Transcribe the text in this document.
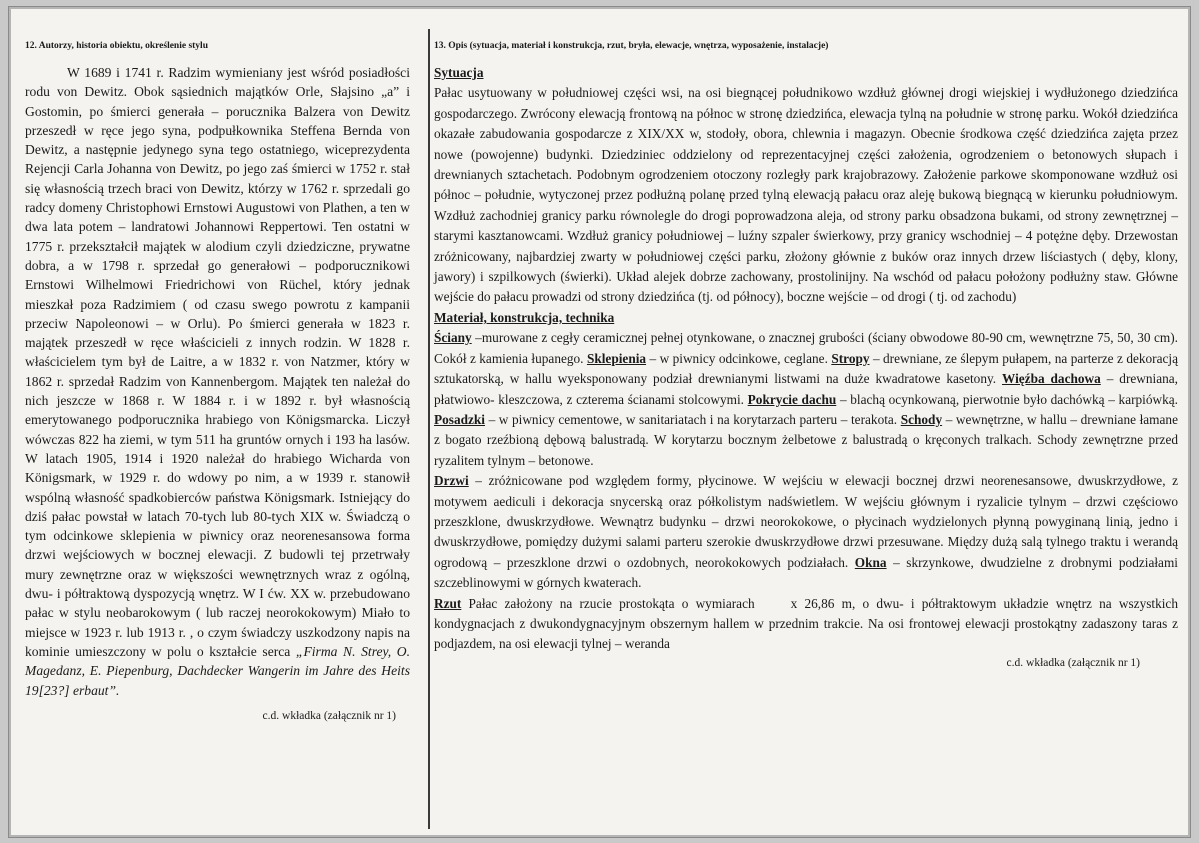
12. Autorzy, historia obiektu, określenie stylu

W 1689 i 1741 r. Radzim wymieniany jest wśród posiadłości rodu von Dewitz. Obok sąsiednich majątków Orle, Słajsino „a” i Gostomin, po śmierci generała – porucznika Balzera von Dewitz przeszedł w ręce jego syna, podpułkownika Steffena Bernda von Dewitz, a następnie jedynego syna tego ostatniego, wiceprezydenta Rejencji Carla Johanna von Dewitz, po jego zaś śmierci w 1752 r. stał się własnością trzech braci von Dewitz, którzy w 1762 r. sprzedali go radcy domeny Christophowi Ernstowi Augustowi von Plathen, a ten w dwa lata potem – landratowi Johannowi Reppertowi. Ten ostatni w 1775 r. przekształcił majątek w alodium czyli dziedziczne, prywatne dobra, a w 1798 r. sprzedał go generałowi – podporucznikowi Ernstowi Wilhelmowi Friedrichowi von Rüchel, który jednak mieszkał poza Radzimiem ( od czasu swego powrotu z kampanii przeciw Napoleonowi – w Orlu). Po śmierci generała w 1823 r. majątek przeszedł w ręce właścicieli z innych rodzin. W 1828 r. właścicielem tym był de Laitre, a w 1832 r. von Natzmer, który w 1862 r. sprzedał Radzim von Kannenbergom. Majątek ten należał do nich jeszcze w 1868 r. W 1884 r. i w 1892 r. był własnością emerytowanego podporucznika hrabiego von Königsmarcka. Liczył wówczas 822 ha ziemi, w tym 511 ha gruntów ornych i 193 ha lasów. W latach 1905, 1914 i 1920 należał do hrabiego Wicharda von Königsmark, w 1929 r. do wdowy po nim, a w 1939 r. stanowił wspólną własność spadkobierców państwa Königsmark. Istniejący do dziś pałac powstał w latach 70-tych lub 80-tych XIX w. Świadczą o tym odcinkowe sklepienia w piwnicy oraz neorenesansowa forma drzwi wejściowych w bocznej elewacji. Z budowli tej przetrwały mury zewnętrzne oraz w większości wewnętrznych wraz z ogólną, dwu- i półtraktową dyspozycją wnętrz. W I ćw. XX w. przebudowano pałac w stylu neobarokowym ( lub raczej neorokokowym) Miało to miejsce w 1923 r. lub 1913 r. , o czym świadczy uszkodzony napis na kominie umieszczony w polu o kształcie serca „Firma N. Strey, O. Magedanz, E. Piepenburg, Dachdecker Wangerin im Jahre des Heits 19[23?] erbaut”.

c.d. wkładka (załącznik nr 1)
13. Opis (sytuacja, materiał i konstrukcja, rzut, bryła, elewacje, wnętrza, wyposażenie, instalacje)
Sytuacja

Pałac usytuowany w południowej części wsi, na osi biegnącej południkowo wzdłuż głównej drogi wiejskiej i wydłużonego dziedzińca gospodarczego. Zwrócony elewacją frontową na północ w stronę dziedzińca, elewacja tylną na południe w stronę parku. Wokół dziedzińca okazałe zabudowania gospodarcze z XIX/XX w, stodoły, obora, chlewnia i magazyn. Obecnie środkowa część dziedzińca zajęta przez nowe (powojenne) budynki. Dziedziniec oddzielony od reprezentacyjnej części założenia, ogrodzeniem o betonowych słupach i drewnianych sztachetach. Podobnym ogrodzeniem otoczony rozległy park krajobrazowy. Założenie parkowe skomponowane wzdłuż osi północ – południe, wytyczonej przez podłużną polanę przed tylną elewacją pałacu oraz aleję bukową biegnącą w kierunku południowym. Wzdłuż zachodniej granicy parku równolegle do drogi poprowadzona aleja, od strony parku obsadzona bukami, od strony zewnętrznej – starymi kasztanowcami. Wzdłuż granicy południowej – luźny szpaler świerkowy, przy granicy wschodniej – 4 potężne dęby. Drzewostan zróżnicowany, najbardziej zwarty w południowej części parku, złożony głównie z buków oraz innych drzew liściastych ( dęby, klony, jawory) i szpilkowych (świerki). Układ alejek dobrze zachowany, prostoliniјny. Na wschód od pałacu położony podłużny staw. Główne wejście do pałacu prowadzi od strony dziedzińca (tj. od północy), boczne wejście – od drogi ( tj. od zachodu)

Materiał, konstrukcja, technika

Ściany –murowane z cegły ceramicznej pełnej otynkowane, o znacznej grubości (ściany obwodowe 80-90 cm, wewnętrzne 75, 50, 30 cm). Cokół z kamienia łupanego. Sklepienia – w piwnicy odcinkowe, ceglane. Stropy – drewniane, ze ślepym pułapem, na parterze z dekoracją sztukatorską, w hallu wyeksponowany podział drewnianymi listwami na duże kwadratowe kasetony. Więźba dachowa – drewniana, płatwiowo- kleszczowa, z czterema ścianami stolcowymi. Pokrycie dachu – blachą ocynkowaną, pierwotnie było dachówką – karpiówką. Posadzki – w piwnicy cementowe, w sanitariatach i na korytarzach parteru – terakota. Schody – wewnętrzne, w hallu – drewniane łamane z bogato rzeźbioną dębową balustradą. W korytarzu bocznym żelbetowe z balustradą o kręconych tralkach. Schody zewnętrzne przed ryzalitem tylnym – betonowe.

Drzwi – zróżnicowane pod względem formy, płycinowe. W wejściu w elewacji bocznej drzwi neorenesansowe, dwuskrzydłowe, z motywem aediculi i dekoracja snycerską oraz półkolistym nadświetlem. W wejściu głównym i ryzalicie tylnym – drzwi częściowo przeszklone, dwuskrzydłowe. Wewnątrz budynku – drzwi neorokokowe, o płycinach wydzielonych płynną powyginaną linią, jedno i dwuskrzydłowe, pomiędzy dużymi salami parteru szerokie dwuskrzydłowe drzwi przesuwane. Między dużą salą tylnego traktu i werandą ogrodową – przeszklone drzwi o ozdobnych, neorokokowych podziałach. Okna – skrzynkowe, dwudzielne z drobnymi podziałami szczeblinowymi w górnych kwaterach.

Rzut Pałac założony na rzucie prostokąta o wymiarach	x 26,86 m, o dwu- i półtraktowym układzie wnętrz na wszystkich kondygnacjach z dwukondygnacyjnym obszernym hallem w przednim trakcie. Na osi frontowej elewacji prostokątny zadaszony taras z podjazdem, na osi elewacji tylnej – weranda

c.d. wkładka (załącznik nr 1)
